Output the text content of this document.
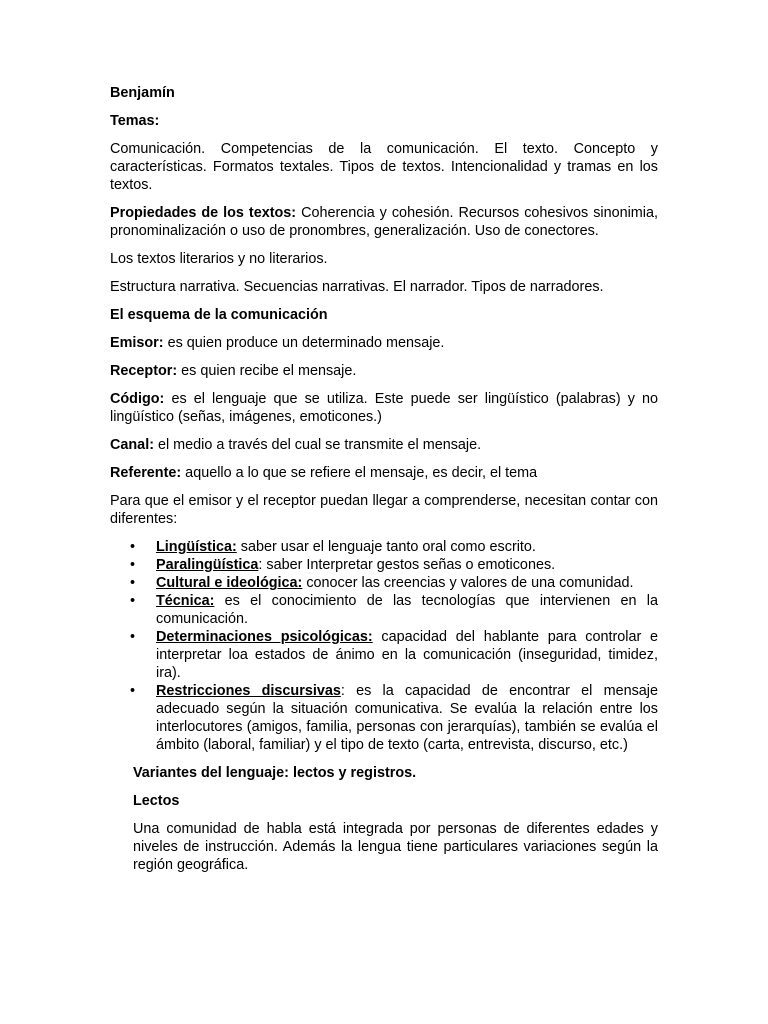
Benjamín

Temas:

Comunicación. Competencias de la comunicación. El texto. Concepto y características. Formatos textales. Tipos de textos. Intencionalidad y tramas en los textos.

Propiedades de los textos: Coherencia y cohesión. Recursos cohesivos sinonimia, pronominalización o uso de pronombres, generalización. Uso de conectores.

Los textos literarios y no literarios.

Estructura narrativa. Secuencias narrativas. El narrador. Tipos de narradores.

El esquema de la comunicación

Emisor: es quien produce un determinado mensaje.

Receptor: es quien recibe el mensaje.

Código: es el lenguaje que se utiliza. Este puede ser lingüístico (palabras) y no lingüístico (señas, imágenes, emoticones.)

Canal: el medio a través del cual se transmite el mensaje.

Referente: aquello a lo que se refiere el mensaje, es decir, el tema

Para que el emisor y el receptor puedan llegar a comprenderse, necesitan contar con diferentes:

• Lingüística: saber usar el lenguaje tanto oral como escrito.
• Paralingüística: saber Interpretar gestos señas o emoticones.
• Cultural e ideológica: conocer las creencias y valores de una comunidad.
• Técnica: es el conocimiento de las tecnologías que intervienen en la comunicación.
• Determinaciones psicológicas: capacidad del hablante para controlar e interpretar loa estados de ánimo en la comunicación (inseguridad, timidez, ira).
• Restricciones discursivas: es la capacidad de encontrar el mensaje adecuado según la situación comunicativa. Se evalúa la relación entre los interlocutores (amigos, familia, personas con jerarquías), también se evalúa el ámbito (laboral, familiar) y el tipo de texto (carta, entrevista, discurso, etc.)

Variantes del lenguaje: lectos y registros.

Lectos

Una comunidad de habla está integrada por personas de diferentes edades y niveles de instrucción. Además la lengua tiene particulares variaciones según la región geográfica.
